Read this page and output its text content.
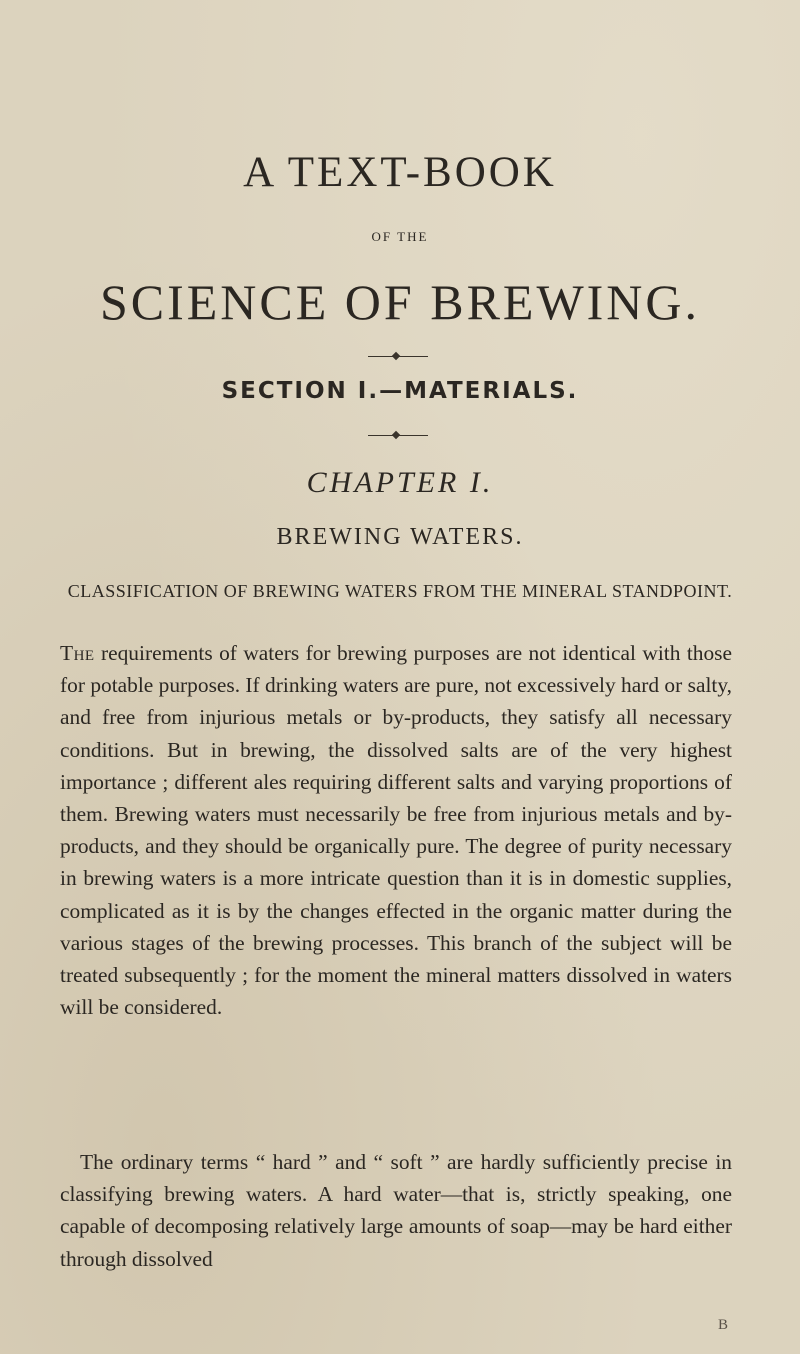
A TEXT-BOOK
OF THE
SCIENCE OF BREWING.
SECTION I.—MATERIALS.
CHAPTER I.
BREWING WATERS.
CLASSIFICATION OF BREWING WATERS FROM THE MINERAL STANDPOINT.

The requirements of waters for brewing purposes are not identical with those for potable purposes. If drinking waters are pure, not excessively hard or salty, and free from injurious metals or by-products, they satisfy all necessary conditions. But in brewing, the dissolved salts are of the very highest importance ; different ales requiring different salts and varying proportions of them. Brewing waters must necessarily be free from injurious metals and by-products, and they should be organically pure. The degree of purity necessary in brewing waters is a more intricate question than it is in domestic supplies, complicated as it is by the changes effected in the organic matter during the various stages of the brewing processes. This branch of the subject will be treated subsequently ; for the moment the mineral matters dissolved in waters will be considered.

The ordinary terms “ hard ” and “ soft ” are hardly sufficiently precise in classifying brewing waters. A hard water—that is, strictly speaking, one capable of decomposing relatively large amounts of soap—may be hard either through dissolved

B
